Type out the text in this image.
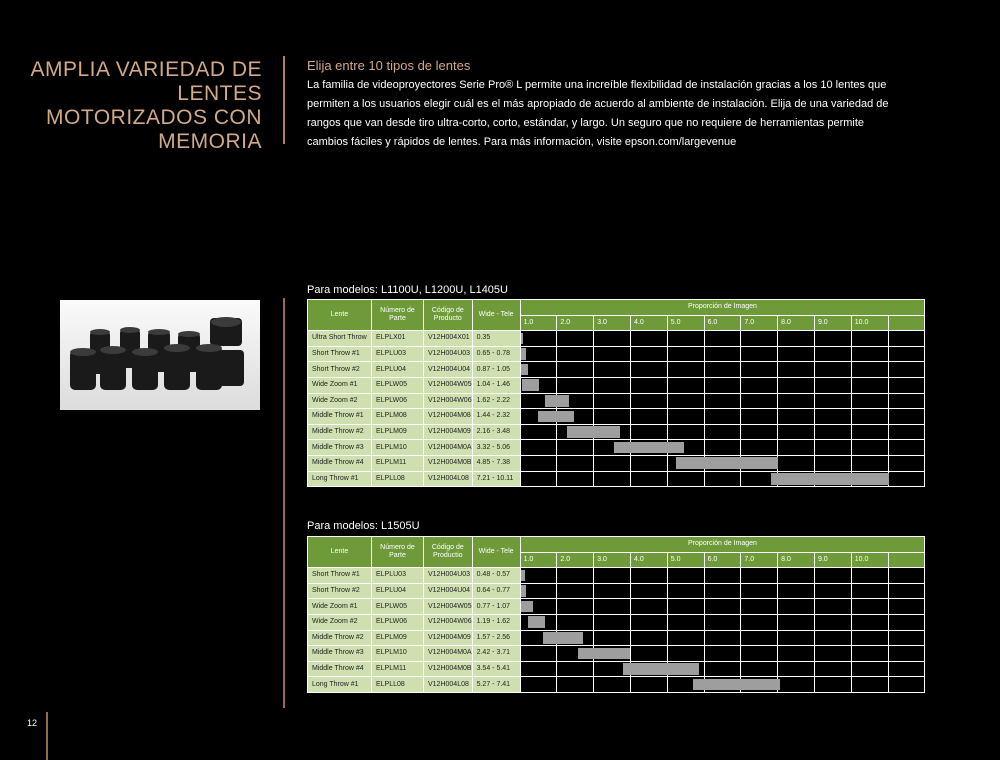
AMPLIA VARIEDAD DE LENTES MOTORIZADOS CON MEMORIA
Elija entre 10 tipos de lentes
La familia de videoproyectores Serie Pro® L permite una increíble flexibilidad de instalación gracias a los 10 lentes que permiten a los usuarios elegir cuál es el más apropiado de acuerdo al ambiente de instalación. Elija de una variedad de rangos que van desde tiro ultra-corto, corto, estándar, y largo. Un seguro que no requiere de herramientas permite cambios fáciles y rápidos de lentes. Para más información, visite epson.com/largevenue
Para modelos: L1100U, L1200U, L1405U
Lente	Número de Parte	Código de Producto	Wide - Tele	Proporción de Imagen										
				1.0	2.0	3.0	4.0	5.0	6.0	7.0	8.0	9.0	10.0	
Ultra Short Throw	ELPLX01	V12H004X01	0.35											
Short Throw #1	ELPLU03	V12H004U03	0.65 - 0.78											
Short Throw #2	ELPLU04	V12H004U04	0.87 - 1.05											
Wide Zoom #1	ELPLW05	V12H004W05	1.04 - 1.46											
Wide Zoom #2	ELPLW06	V12H004W06	1.62 - 2.22											
Middle Throw #1	ELPLM08	V12H004M08	1.44 - 2.32											
Middle Throw #2	ELPLM09	V12H004M09	2.16 - 3.48											
Middle Throw #3	ELPLM10	V12H004M0A	3.32 - 5.06											
Middle Throw #4	ELPLM11	V12H004M0B	4.85 - 7.38											
Long Throw #1	ELPLL08	V12H004L08	7.21 - 10.11											
Para modelos: L1505U
Lente	Número de Parte	Código de Productio	Wide - Tele	Proporción de Imagen										
				1.0	2.0	3.0	4.0	5.0	6.0	7.0	8.0	9.0	10.0	
Short Throw #1	ELPLU03	V12H004U03	0.48 - 0.57											
Short Throw #2	ELPLU04	V12H004U04	0.64 - 0.77											
Wide Zoom #1	ELPLW05	V12H004W05	0.77 - 1.07											
Wide Zoom #2	ELPLW06	V12H004W06	1.19 - 1.62											
Middle Throw #2	ELPLM09	V12H004M09	1.57 - 2.56											
Middle Throw #3	ELPLM10	V12H004M0A	2.42 - 3.71											
Middle Throw #4	ELPLM11	V12H004M0B	3.54 - 5.41											
Long Throw #1	ELPLL08	V12H004L08	5.27 - 7.41											
12
